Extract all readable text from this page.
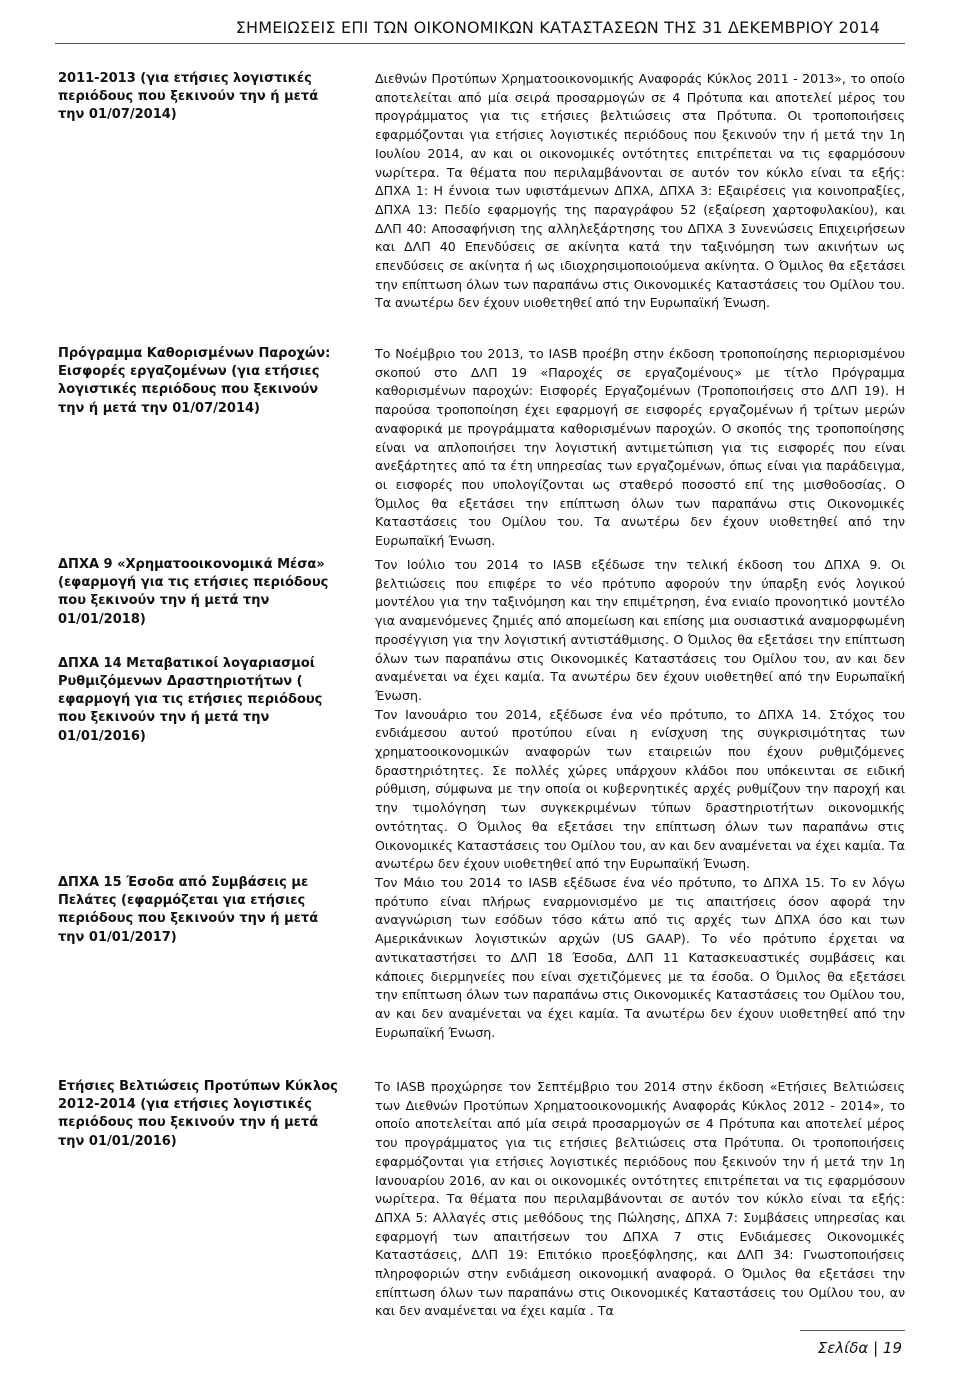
ΣΗΜΕΙΩΣΕΙΣ ΕΠΙ ΤΩΝ ΟΙΚΟΝΟΜΙΚΩΝ ΚΑΤΑΣΤΑΣΕΩΝ ΤΗΣ 31 ΔΕΚΕΜΒΡΙΟΥ 2014

2011-2013 (για ετήσιες λογιστικές περιόδους που ξεκινούν την ή μετά την 01/07/2014)

Διεθνών Προτύπων Χρηματοοικονομικής Αναφοράς Κύκλος 2011 - 2013», το οποίο αποτελείται από μία σειρά προσαρμογών σε 4 Πρότυπα και αποτελεί μέρος του προγράμματος για τις ετήσιες βελτιώσεις στα Πρότυπα. Οι τροποποιήσεις εφαρμόζονται για ετήσιες λογιστικές περιόδους που ξεκινούν την ή μετά την 1η Ιουλίου 2014, αν και οι οικονομικές οντότητες επιτρέπεται να τις εφαρμόσουν νωρίτερα. Τα θέματα που περιλαμβάνονται σε αυτόν τον κύκλο είναι τα εξής: ΔΠΧΑ 1: Η έννοια των υφιστάμενων ΔΠΧΑ, ΔΠΧΑ 3: Εξαιρέσεις για κοινοπραξίες, ΔΠΧΑ 13: Πεδίο εφαρμογής της παραγράφου 52 (εξαίρεση χαρτοφυλακίου), και ΔΛΠ 40: Αποσαφήνιση της αλληλεξάρτησης του ΔΠΧΑ 3 Συνενώσεις Επιχειρήσεων και ΔΛΠ 40 Επενδύσεις σε ακίνητα κατά την ταξινόμηση των ακινήτων ως επενδύσεις σε ακίνητα ή ως ιδιοχρησιμοποιούμενα ακίνητα. Ο Όμιλος θα εξετάσει την επίπτωση όλων των παραπάνω στις Οικονομικές Καταστάσεις του Ομίλου του. Τα ανωτέρω δεν έχουν υιοθετηθεί από την Ευρωπαϊκή Ένωση.

Πρόγραμμα Καθορισμένων Παροχών: Εισφορές εργαζομένων (για ετήσιες λογιστικές περιόδους που ξεκινούν την ή μετά την 01/07/2014)

Το Νοέμβριο του 2013, το IASB προέβη στην έκδοση τροποποίησης περιορισμένου σκοπού στο ΔΛΠ 19 «Παροχές σε εργαζομένους» με τίτλο Πρόγραμμα καθορισμένων παροχών: Εισφορές Εργαζομένων (Τροποποιήσεις στο ΔΛΠ 19). Η παρούσα τροποποίηση έχει εφαρμογή σε εισφορές εργαζομένων ή τρίτων μερών αναφορικά με προγράμματα καθορισμένων παροχών. Ο σκοπός της τροποποίησης είναι να απλοποιήσει την λογιστική αντιμετώπιση για τις εισφορές που είναι ανεξάρτητες από τα έτη υπηρεσίας των εργαζομένων, όπως είναι για παράδειγμα, οι εισφορές που υπολογίζονται ως σταθερό ποσοστό επί της μισθοδοσίας. Ο Όμιλος θα εξετάσει την επίπτωση όλων των παραπάνω στις Οικονομικές Καταστάσεις του Ομίλου του. Τα ανωτέρω δεν έχουν υιοθετηθεί από την Ευρωπαϊκή Ένωση.

ΔΠΧΑ 9 «Χρηματοοικονομικά Μέσα» (εφαρμογή για τις ετήσιες περιόδους που ξεκινούν την ή μετά την 01/01/2018)

ΔΠΧΑ 14 Μεταβατικοί λογαριασμοί Ρυθμιζόμενων Δραστηριοτήτων ( εφαρμογή για τις ετήσιες περιόδους που ξεκινούν την ή μετά την 01/01/2016)

Τον Ιούλιο του 2014 το IASB εξέδωσε την τελική έκδοση του ΔΠΧΑ 9. Οι βελτιώσεις που επιφέρε το νέο πρότυπο αφορούν την ύπαρξη ενός λογικού μοντέλου για την ταξινόμηση και την επιμέτρηση, ένα ενιαίο προνοητικό μοντέλο για αναμενόμενες ζημιές από απομείωση και επίσης μια ουσιαστικά αναμορφωμένη προσέγγιση για την λογιστική αντιστάθμισης. Ο Όμιλος θα εξετάσει την επίπτωση όλων των παραπάνω στις Οικονομικές Καταστάσεις του Ομίλου του, αν και δεν αναμένεται να έχει καμία. Τα ανωτέρω δεν έχουν υιοθετηθεί από την Ευρωπαϊκή Ένωση.

Τον Ιανουάριο του 2014, εξέδωσε ένα νέο πρότυπο, το ΔΠΧΑ 14. Στόχος του ενδιάμεσου αυτού προτύπου είναι η ενίσχυση της συγκρισιμότητας των χρηματοοικονομικών αναφορών των εταιρειών που έχουν ρυθμιζόμενες δραστηριότητες. Σε πολλές χώρες υπάρχουν κλάδοι που υπόκεινται σε ειδική ρύθμιση, σύμφωνα με την οποία οι κυβερνητικές αρχές ρυθμίζουν την παροχή και την τιμολόγηση των συγκεκριμένων τύπων δραστηριοτήτων οικονομικής οντότητας. Ο Όμιλος θα εξετάσει την επίπτωση όλων των παραπάνω στις Οικονομικές Καταστάσεις του Ομίλου του, αν και δεν αναμένεται να έχει καμία. Τα ανωτέρω δεν έχουν υιοθετηθεί από την Ευρωπαϊκή Ένωση.

ΔΠΧΑ 15 Έσοδα από Συμβάσεις με Πελάτες (εφαρμόζεται για ετήσιες περιόδους που ξεκινούν την ή μετά την 01/01/2017)

Τον Μάιο του 2014 το IASB εξέδωσε ένα νέο πρότυπο, το ΔΠΧΑ 15. Το εν λόγω πρότυπο είναι πλήρως εναρμονισμένο με τις απαιτήσεις όσον αφορά την αναγνώριση των εσόδων τόσο κάτω από τις αρχές των ΔΠΧΑ όσο και των Αμερικάνικων λογιστικών αρχών (US GAAP). Το νέο πρότυπο έρχεται να αντικαταστήσει το ΔΛΠ 18 Έσοδα, ΔΛΠ 11 Κατασκευαστικές συμβάσεις και κάποιες διερμηνείες που είναι σχετιζόμενες με τα έσοδα. Ο Όμιλος θα εξετάσει την επίπτωση όλων των παραπάνω στις Οικονομικές Καταστάσεις του Ομίλου του, αν και δεν αναμένεται να έχει καμία. Τα ανωτέρω δεν έχουν υιοθετηθεί από την Ευρωπαϊκή Ένωση.

Ετήσιες Βελτιώσεις Προτύπων Κύκλος 2012-2014 (για ετήσιες λογιστικές περιόδους που ξεκινούν την ή μετά την 01/01/2016)

Το IASB προχώρησε τον Σεπτέμβριο του 2014 στην έκδοση «Ετήσιες Βελτιώσεις των Διεθνών Προτύπων Χρηματοοικονομικής Αναφοράς Κύκλος 2012 - 2014», το οποίο αποτελείται από μία σειρά προσαρμογών σε 4 Πρότυπα και αποτελεί μέρος του προγράμματος για τις ετήσιες βελτιώσεις στα Πρότυπα. Οι τροποποιήσεις εφαρμόζονται για ετήσιες λογιστικές περιόδους που ξεκινούν την ή μετά την 1η Ιανουαρίου 2016, αν και οι οικονομικές οντότητες επιτρέπεται να τις εφαρμόσουν νωρίτερα. Τα θέματα που περιλαμβάνονται σε αυτόν τον κύκλο είναι τα εξής: ΔΠΧΑ 5: Αλλαγές στις μεθόδους της Πώλησης, ΔΠΧΑ 7: Συμβάσεις υπηρεσίας και εφαρμογή των απαιτήσεων του ΔΠΧΑ 7 στις Ενδιάμεσες Οικονομικές Καταστάσεις, ΔΛΠ 19: Επιτόκιο προεξόφλησης, και ΔΛΠ 34: Γνωστοποιήσεις πληροφοριών στην ενδιάμεση οικονομική αναφορά. Ο Όμιλος θα εξετάσει την επίπτωση όλων των παραπάνω στις Οικονομικές Καταστάσεις του Ομίλου του, αν και δεν αναμένεται να έχει καμία . Τα

Σελίδα | 19
